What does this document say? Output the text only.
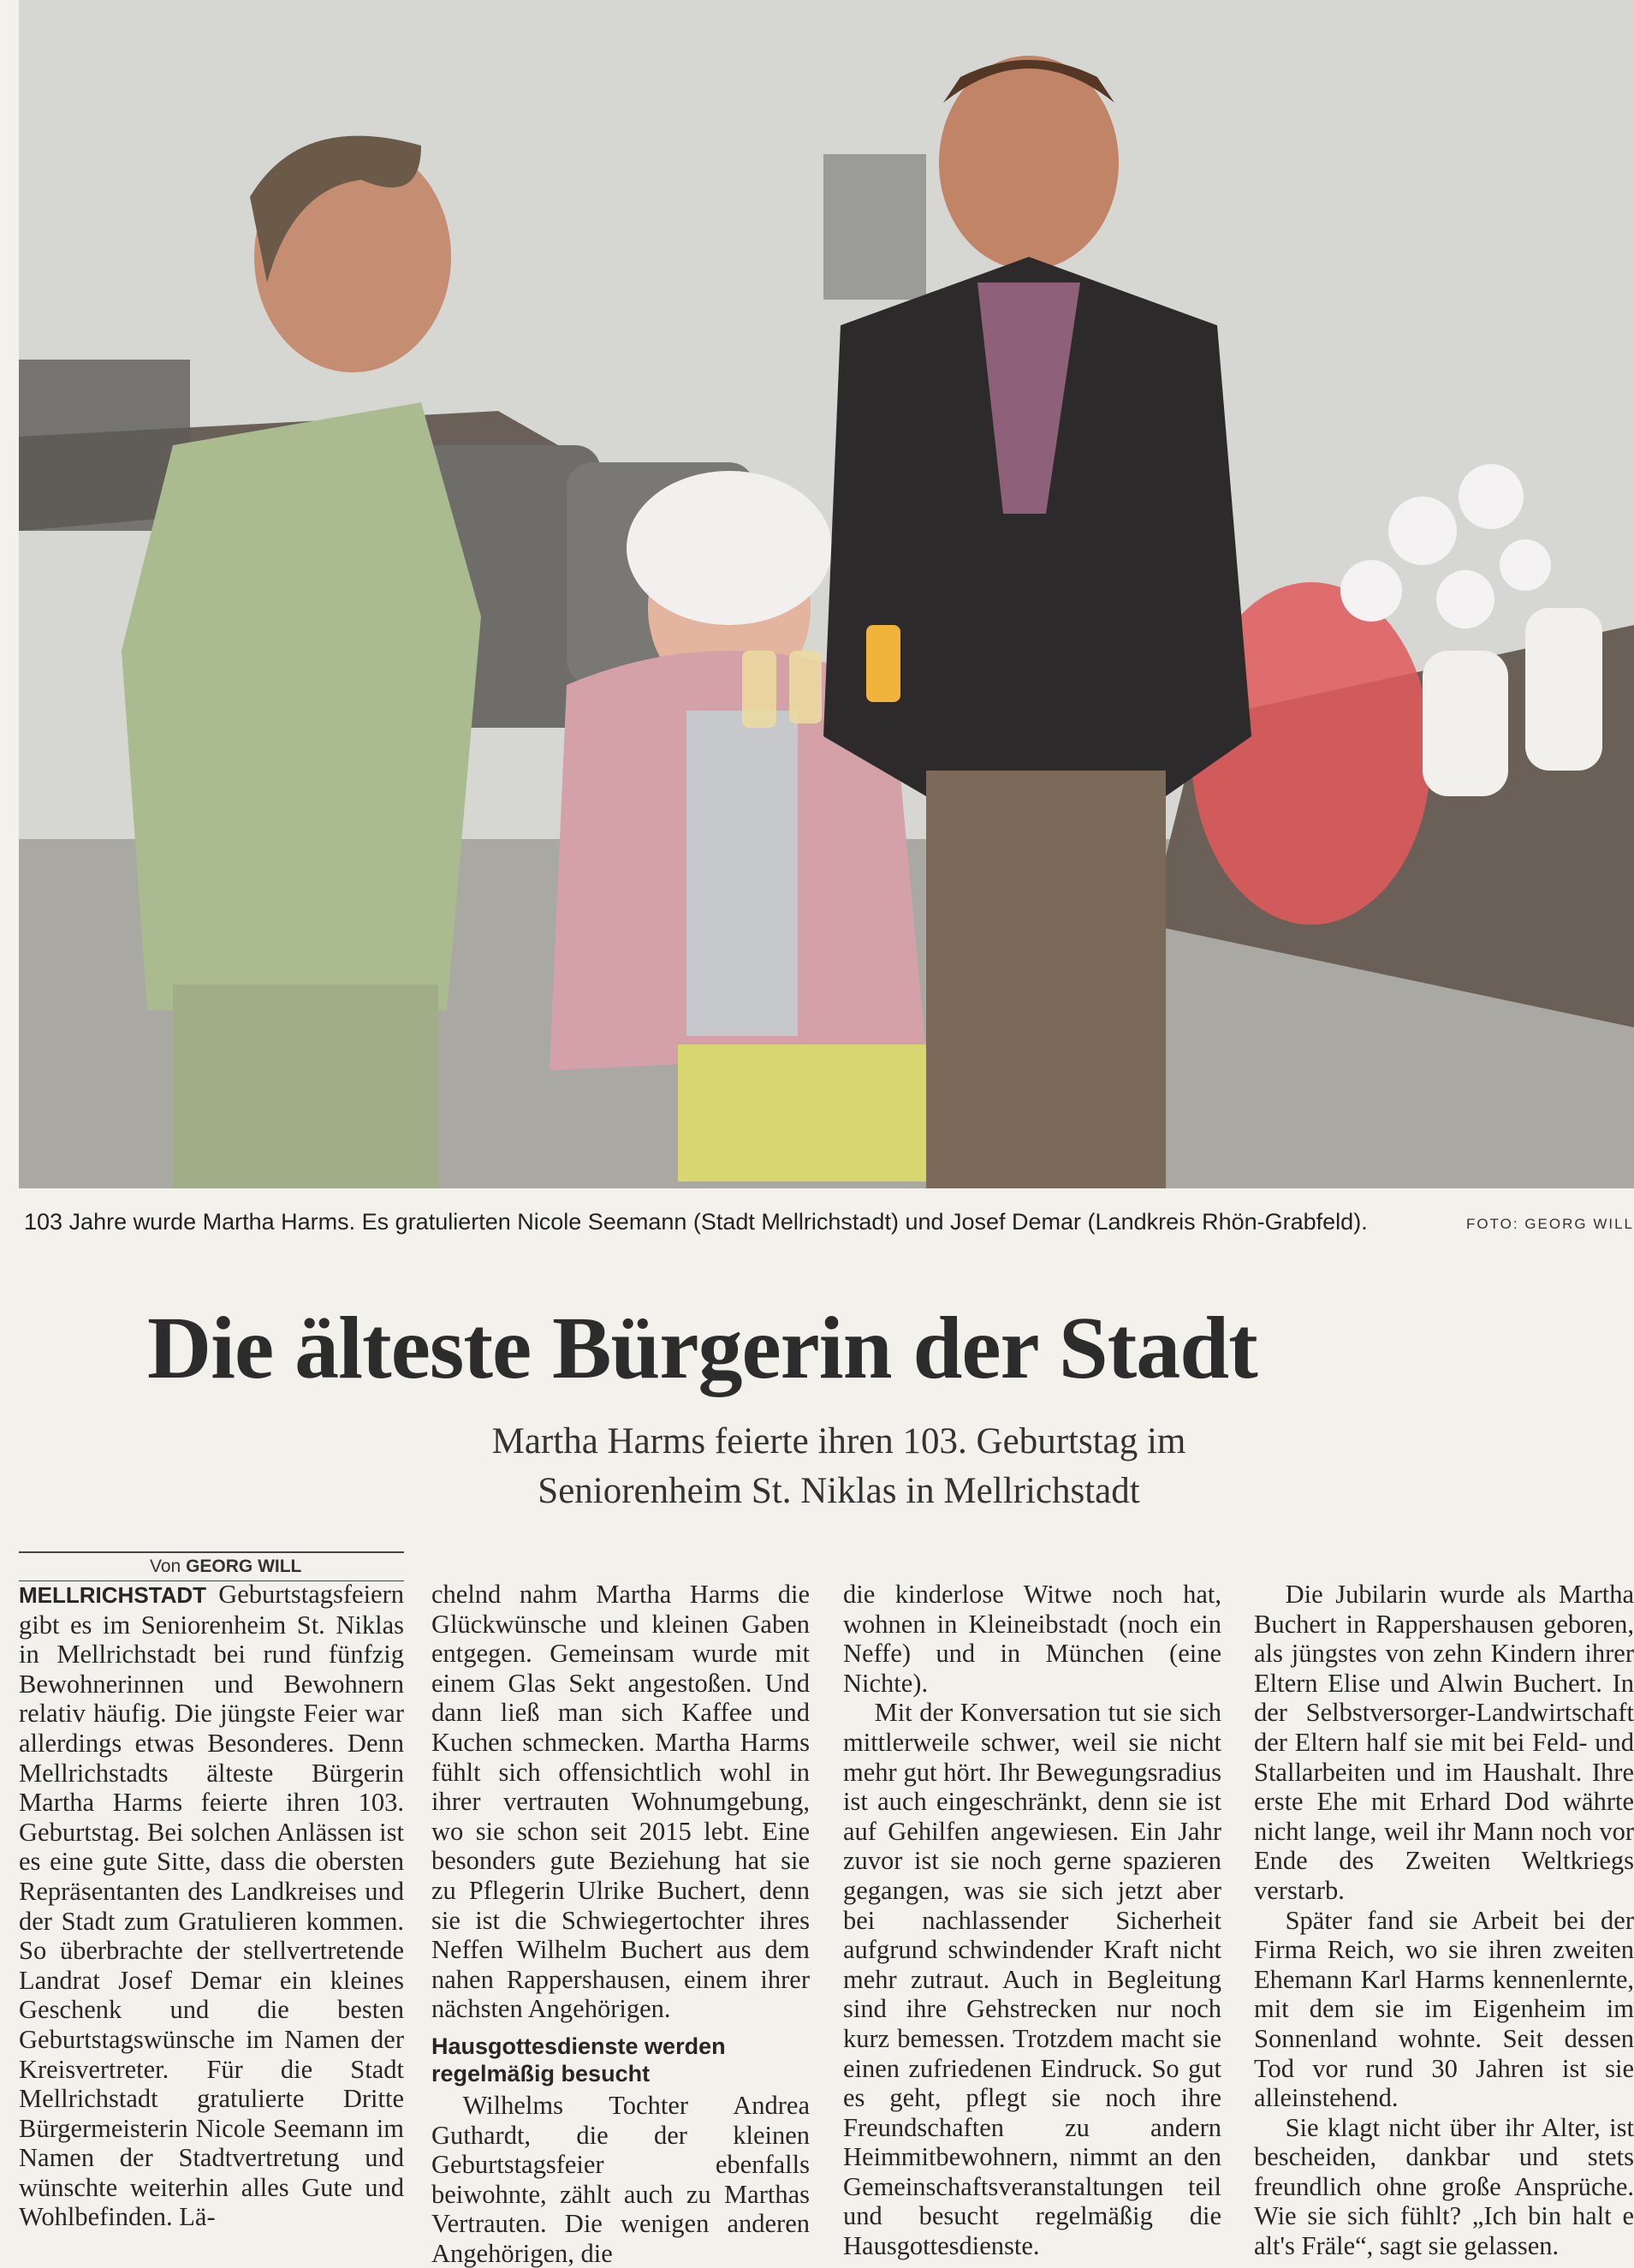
103 Jahre wurde Martha Harms. Es gratulierten Nicole Seemann (Stadt Mellrichstadt) und Josef Demar (Landkreis Rhön-Grabfeld).	FOTO: GEORG WILL
Die älteste Bürgerin der Stadt
Martha Harms feierte ihren 103. Geburtstag im
Seniorenheim St. Niklas in Mellrichstadt
Von GEORG WILL

MELLRICHSTADT Geburtstagsfeiern gibt es im Seniorenheim St. Niklas in Mellrichstadt bei rund fünfzig Bewohnerinnen und Bewohnern relativ häufig. Die jüngste Feier war allerdings etwas Besonderes. Denn Mellrichstadts älteste Bürgerin Martha Harms feierte ihren 103. Geburtstag. Bei solchen Anlässen ist es eine gute Sitte, dass die obersten Repräsentanten des Landkreises und der Stadt zum Gratulieren kommen. So überbrachte der stellvertretende Landrat Josef Demar ein kleines Geschenk und die besten Geburtstagswünsche im Namen der Kreisvertreter. Für die Stadt Mellrichstadt gratulierte Dritte Bürgermeisterin Nicole Seemann im Namen der Stadtvertretung und wünschte weiterhin alles Gute und Wohlbefinden. Lä-

chelnd nahm Martha Harms die Glückwünsche und kleinen Gaben entgegen. Gemeinsam wurde mit einem Glas Sekt angestoßen. Und dann ließ man sich Kaffee und Kuchen schmecken. Martha Harms fühlt sich offensichtlich wohl in ihrer vertrauten Wohnumgebung, wo sie schon seit 2015 lebt. Eine besonders gute Beziehung hat sie zu Pflegerin Ulrike Buchert, denn sie ist die Schwiegertochter ihres Neffen Wilhelm Buchert aus dem nahen Rappershausen, einem ihrer nächsten Angehörigen.

Hausgottesdienste werden regelmäßig besucht

Wilhelms Tochter Andrea Guthardt, die der kleinen Geburtstagsfeier ebenfalls beiwohnte, zählt auch zu Marthas Vertrauten. Die wenigen anderen Angehörigen, die

die kinderlose Witwe noch hat, wohnen in Kleineibstadt (noch ein Neffe) und in München (eine Nichte).

Mit der Konversation tut sie sich mittlerweile schwer, weil sie nicht mehr gut hört. Ihr Bewegungsradius ist auch eingeschränkt, denn sie ist auf Gehilfen angewiesen. Ein Jahr zuvor ist sie noch gerne spazieren gegangen, was sie sich jetzt aber bei nachlassender Sicherheit aufgrund schwindender Kraft nicht mehr zutraut. Auch in Begleitung sind ihre Gehstrecken nur noch kurz bemessen. Trotzdem macht sie einen zufriedenen Eindruck. So gut es geht, pflegt sie noch ihre Freundschaften zu andern Heimmitbewohnern, nimmt an den Gemeinschaftsveranstaltungen teil und besucht regelmäßig die Hausgottesdienste.

Die Jubilarin wurde als Martha Buchert in Rappershausen geboren, als jüngstes von zehn Kindern ihrer Eltern Elise und Alwin Buchert. In der Selbstversorger-Landwirtschaft der Eltern half sie mit bei Feld- und Stallarbeiten und im Haushalt. Ihre erste Ehe mit Erhard Dod währte nicht lange, weil ihr Mann noch vor Ende des Zweiten Weltkriegs verstarb.

Später fand sie Arbeit bei der Firma Reich, wo sie ihren zweiten Ehemann Karl Harms kennenlernte, mit dem sie im Eigenheim im Sonnenland wohnte. Seit dessen Tod vor rund 30 Jahren ist sie alleinstehend.

Sie klagt nicht über ihr Alter, ist bescheiden, dankbar und stets freundlich ohne große Ansprüche. Wie sie sich fühlt? „Ich bin halt e alt's Fräle“, sagt sie gelassen.
